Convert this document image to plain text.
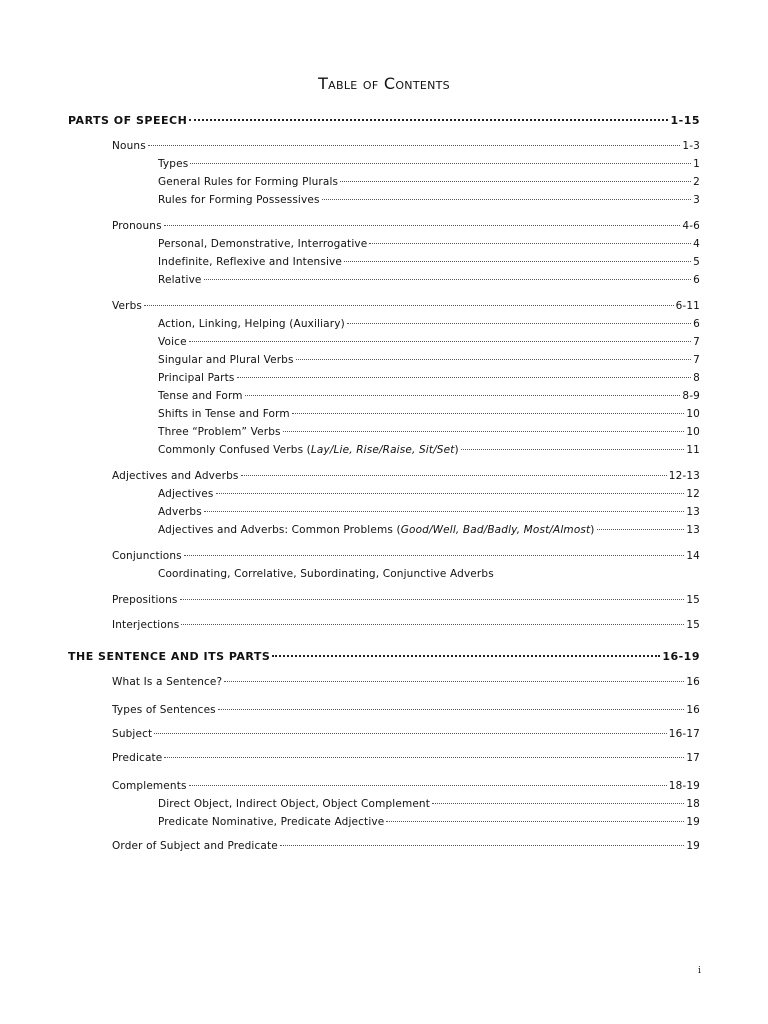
Table of Contents
PARTS OF SPEECH	1-15
Nouns	1-3
Types	1
General Rules for Forming Plurals	2
Rules for Forming Possessives	3
Pronouns	4-6
Personal, Demonstrative, Interrogative	4
Indefinite, Reflexive and Intensive	5
Relative	6
Verbs	6-11
Action, Linking, Helping (Auxiliary)	6
Voice	7
Singular and Plural Verbs	7
Principal Parts	8
Tense and Form	8-9
Shifts in Tense and Form	10
Three “Problem” Verbs	10
Commonly Confused Verbs (Lay/Lie, Rise/Raise, Sit/Set)	11
Adjectives and Adverbs	12-13
Adjectives	12
Adverbs	13
Adjectives and Adverbs: Common Problems (Good/Well, Bad/Badly, Most/Almost)	13
Conjunctions	14
Coordinating, Correlative, Subordinating, Conjunctive Adverbs
Prepositions	15
Interjections	15
THE SENTENCE AND ITS PARTS	16-19
What Is a Sentence?	16
Types of Sentences	16
Subject	16-17
Predicate	17
Complements	18-19
Direct Object, Indirect Object, Object Complement	18
Predicate Nominative, Predicate Adjective	19
Order of Subject and Predicate	19
i
